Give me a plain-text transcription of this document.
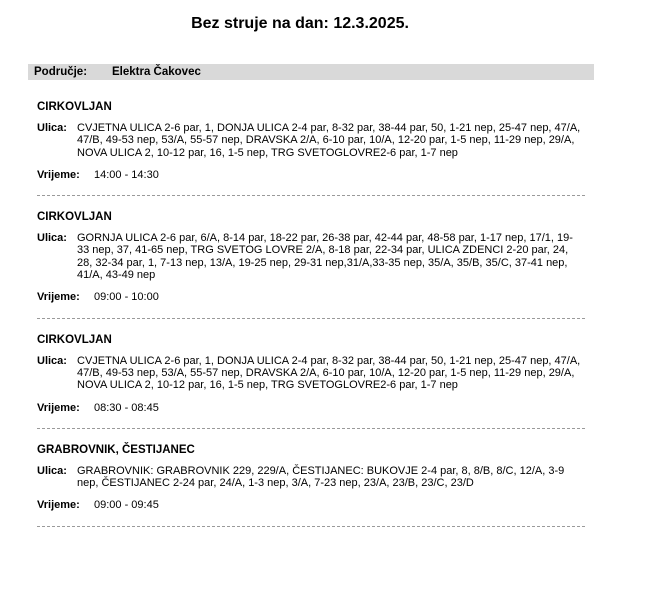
Bez struje na dan: 12.3.2025.
Područje: Elektra Čakovec
CIRKOVLJAN
Ulica: CVJETNA ULICA 2-6 par, 1, DONJA ULICA 2-4 par, 8-32 par, 38-44 par, 50, 1-21 nep, 25-47 nep, 47/A, 47/B, 49-53 nep, 53/A, 55-57 nep, DRAVSKA 2/A, 6-10 par, 10/A, 12-20 par, 1-5 nep, 11-29 nep, 29/A, NOVA ULICA 2, 10-12 par, 16, 1-5 nep, TRG SVETOGLOVRE2-6 par, 1-7 nep
Vrijeme:	14:00 - 14:30
CIRKOVLJAN
Ulica: GORNJA ULICA 2-6 par, 6/A, 8-14 par, 18-22 par, 26-38 par, 42-44 par, 48-58 par, 1-17 nep, 17/1, 19-33 nep, 37, 41-65 nep, TRG SVETOG LOVRE 2/A, 8-18 par, 22-34 par, ULICA ZDENCI 2-20 par, 24, 28, 32-34 par, 1, 7-13 nep, 13/A, 19-25 nep, 29-31 nep,31/A,33-35 nep, 35/A, 35/B, 35/C, 37-41 nep, 41/A, 43-49 nep
Vrijeme:	09:00 - 10:00
CIRKOVLJAN
Ulica: CVJETNA ULICA 2-6 par, 1, DONJA ULICA 2-4 par, 8-32 par, 38-44 par, 50, 1-21 nep, 25-47 nep, 47/A, 47/B, 49-53 nep, 53/A, 55-57 nep, DRAVSKA 2/A, 6-10 par, 10/A, 12-20 par, 1-5 nep, 11-29 nep, 29/A, NOVA ULICA 2, 10-12 par, 16, 1-5 nep, TRG SVETOGLOVRE2-6 par, 1-7 nep
Vrijeme:	08:30 - 08:45
GRABROVNIK, ČESTIJANEC
Ulica: GRABROVNIK: GRABROVNIK 229, 229/A, ČESTIJANEC: BUKOVJE 2-4 par, 8, 8/B, 8/C, 12/A, 3-9 nep, ČESTIJANEC 2-24 par, 24/A, 1-3 nep, 3/A, 7-23 nep, 23/A, 23/B, 23/C, 23/D
Vrijeme:	09:00 - 09:45
